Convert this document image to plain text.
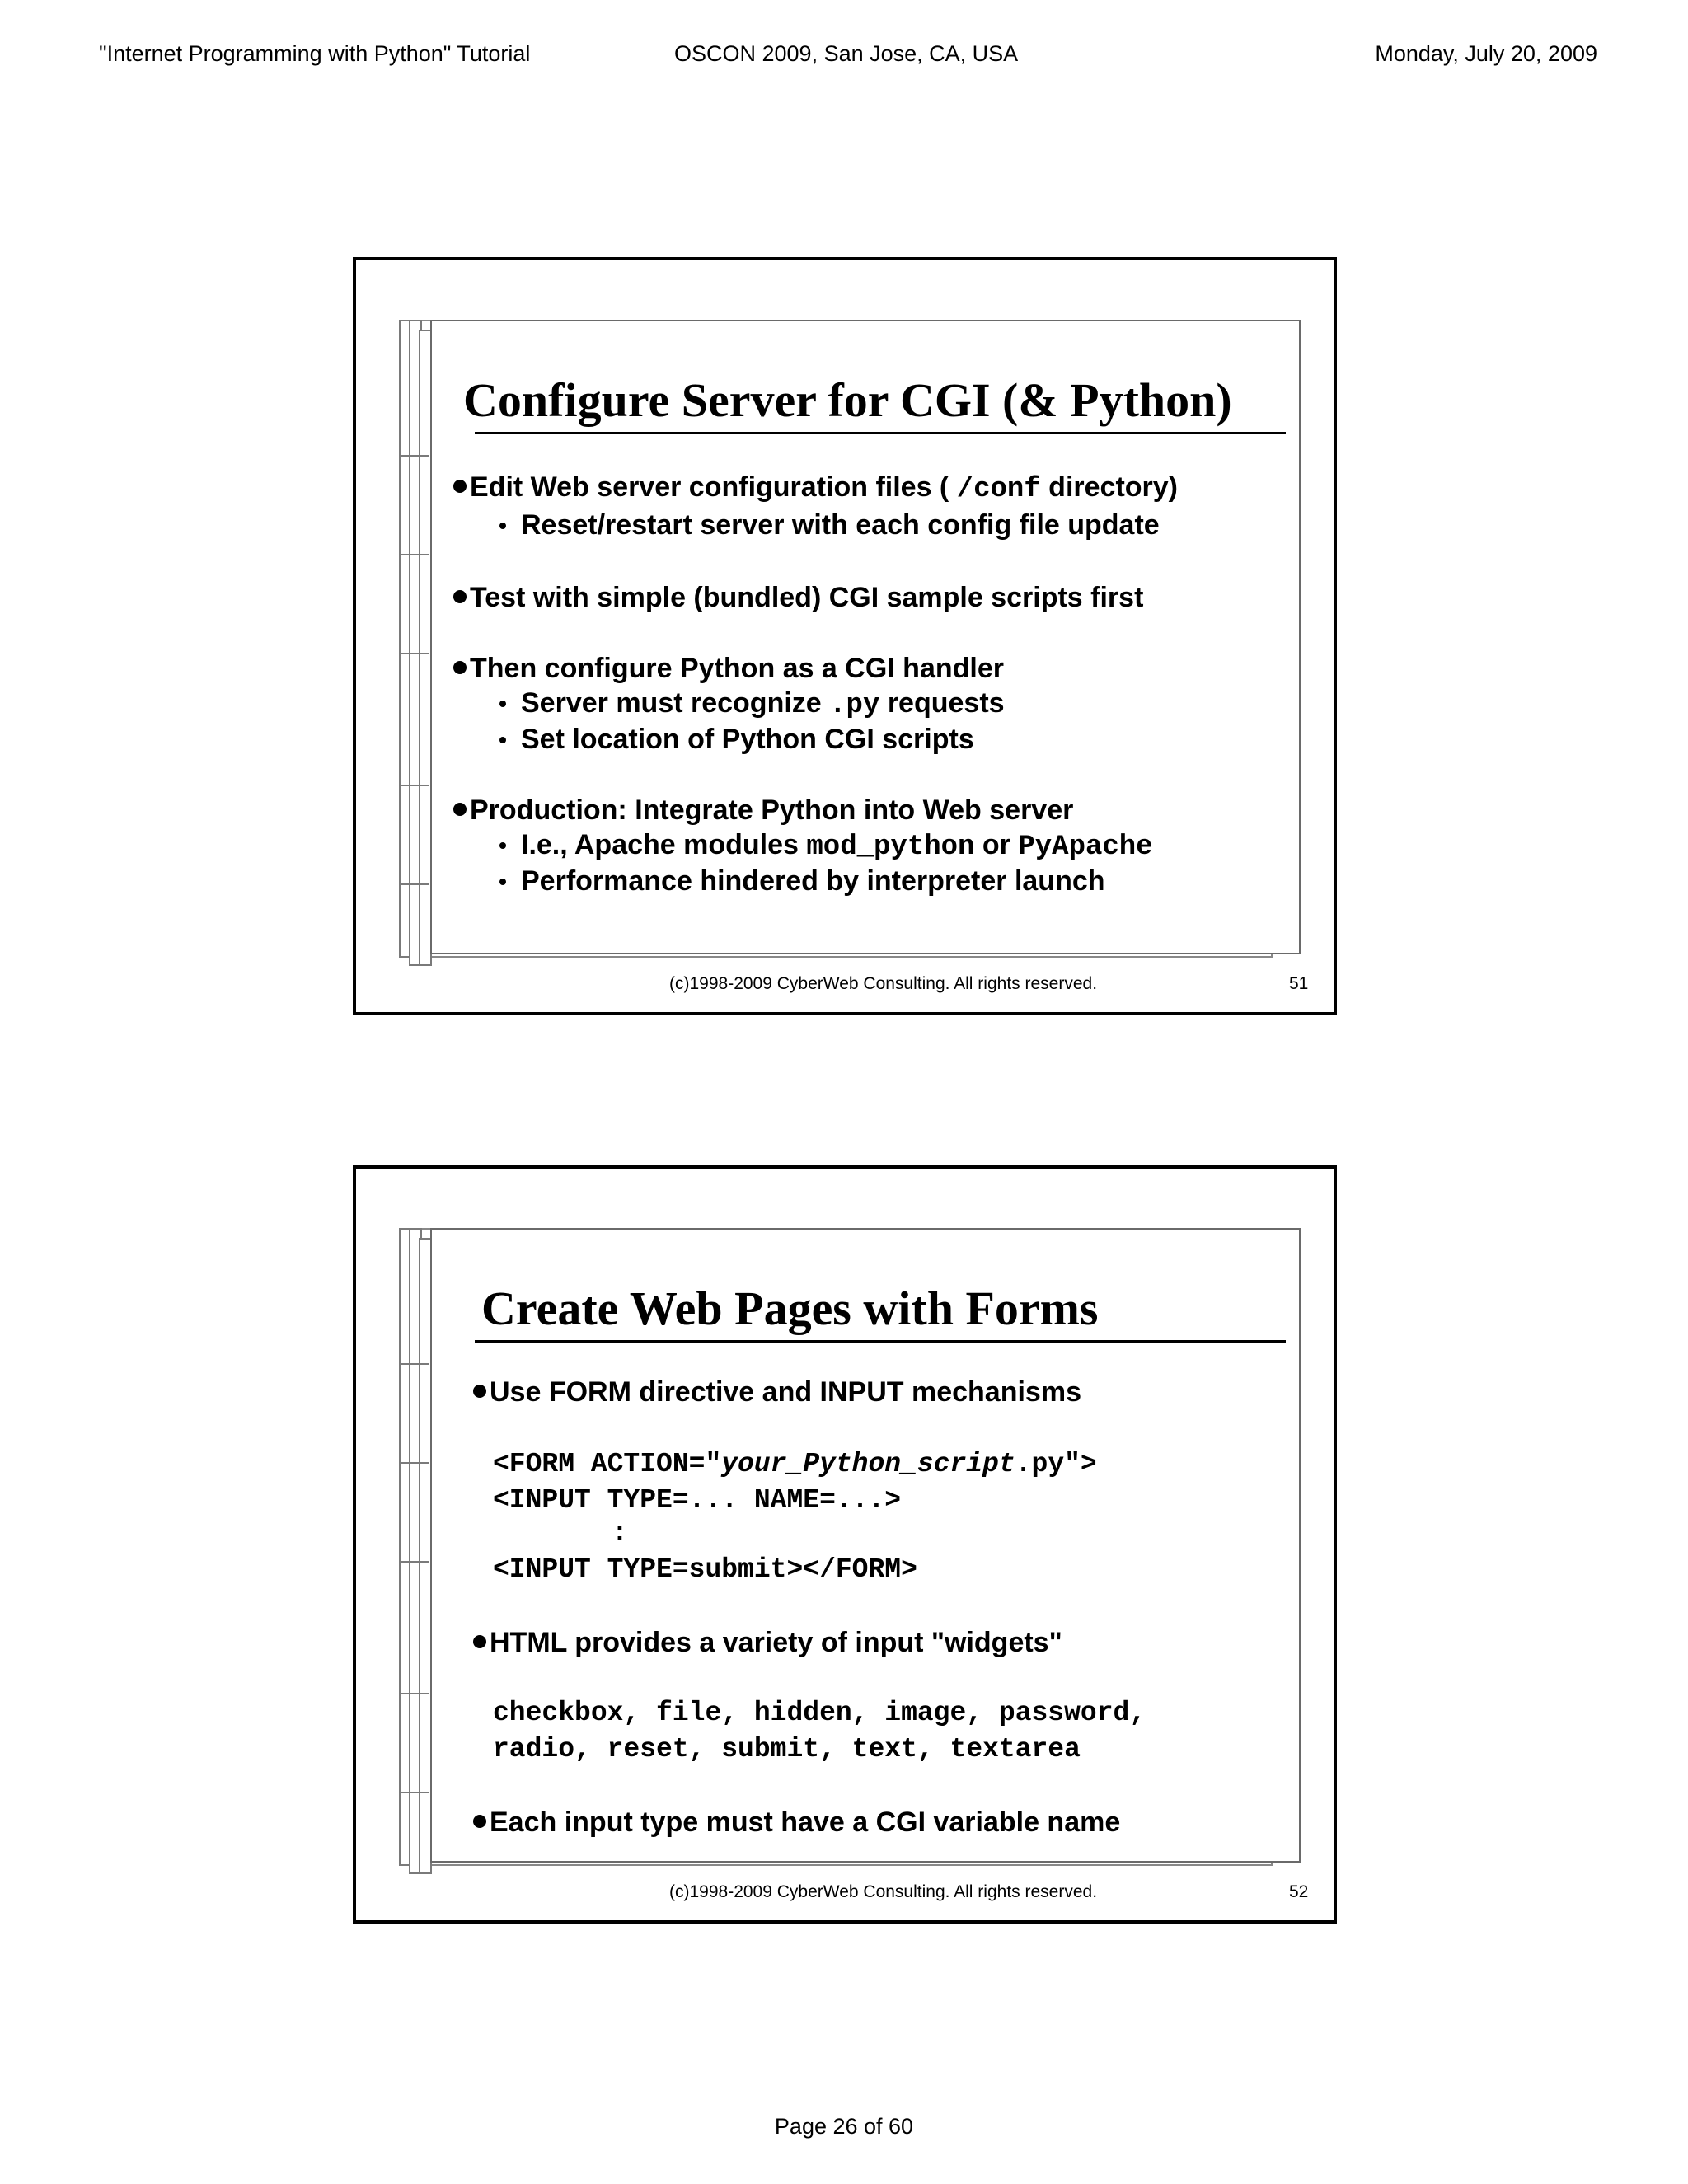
"Internet Programming with Python" Tutorial	OSCON 2009, San Jose, CA, USA	Monday, July 20, 2009
Configure Server for CGI (& Python)
Edit Web server configuration files ( /conf directory)
Reset/restart server with each config file update
Test with simple (bundled) CGI sample scripts first
Then configure Python as a CGI handler
Server must recognize .py requests
Set location of Python CGI scripts
Production: Integrate Python into Web server
I.e., Apache modules mod_python or PyApache
Performance hindered by interpreter launch
(c)1998-2009 CyberWeb Consulting. All rights reserved.	51
Create Web Pages with Forms
Use FORM directive and INPUT mechanisms
<FORM ACTION="your_Python_script.py">
<INPUT TYPE=... NAME=...>
:
<INPUT TYPE=submit></FORM>
HTML provides a variety of input "widgets"
checkbox, file, hidden, image, password,
radio, reset, submit, text, textarea
Each input type must have a CGI variable name
(c)1998-2009 CyberWeb Consulting. All rights reserved.	52
Page 26 of 60
